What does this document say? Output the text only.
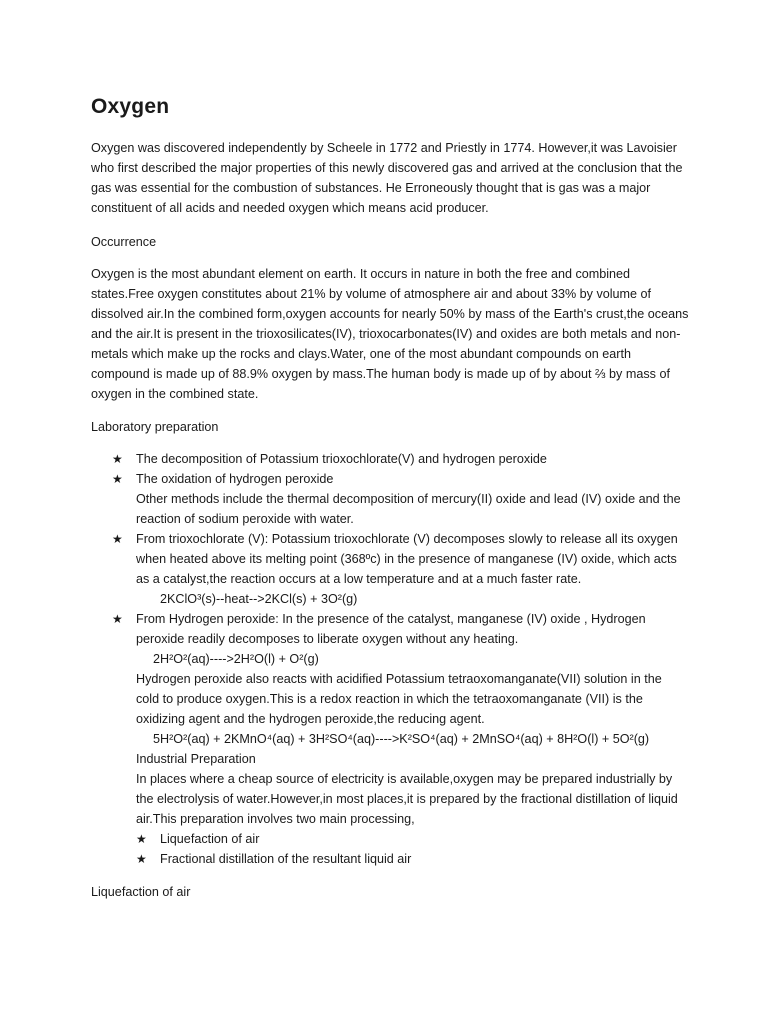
Oxygen

Oxygen was discovered independently by Scheele in 1772 and Priestly in 1774. However,it was Lavoisier who first described the major properties of this newly discovered gas and arrived at the conclusion that the gas was essential for the combustion of substances. He Erroneously thought that is gas was a major constituent of all acids and needed oxygen which means acid producer.

Occurrence

Oxygen is the most abundant element on earth. It occurs in nature in both the free and combined states.Free oxygen constitutes about 21% by volume of atmosphere air and about 33% by volume of dissolved air.In the combined form,oxygen accounts for nearly 50% by mass of the Earth's crust,the oceans and the air.It is present in the trioxosilicates(IV), trioxocarbonates(IV) and oxides are both metals and non-metals which make up the rocks and clays.Water, one of the most abundant compounds on earth compound is made up of 88.9% oxygen by mass.The human body is made up of by about ⅔ by mass of oxygen in the combined state.

Laboratory preparation

★ The decomposition of Potassium trioxochlorate(V) and hydrogen peroxide
★ The oxidation of hydrogen peroxide
Other methods include the thermal decomposition of mercury(II) oxide and lead (IV) oxide and the reaction of sodium peroxide with water.
★ From trioxochlorate (V): Potassium trioxochlorate (V) decomposes slowly to release all its oxygen when heated above its melting point (368ºc) in the presence of manganese (IV) oxide, which acts as a catalyst,the reaction occurs at a low temperature and at a much faster rate.
2KClO³(s)--heat-->2KCl(s) + 3O²(g)
★ From Hydrogen peroxide: In the presence of the catalyst, manganese (IV) oxide , Hydrogen peroxide readily decomposes to liberate oxygen without any heating.
2H²O²(aq)---->2H²O(l) + O²(g)
Hydrogen peroxide also reacts with acidified Potassium tetraoxomanganate(VII) solution in the cold to produce oxygen.This is a redox reaction in which the tetraoxomanganate (VII) is the oxidizing agent and the hydrogen peroxide,the reducing agent.
5H²O²(aq) + 2KMnO⁴(aq) + 3H²SO⁴(aq)---->K²SO⁴(aq) + 2MnSO⁴(aq) + 8H²O(l) + 5O²(g)
Industrial Preparation
In places where a cheap source of electricity is available,oxygen may be prepared industrially by the electrolysis of water.However,in most places,it is prepared by the fractional distillation of liquid air.This preparation involves two main processing,
★ Liquefaction of air
★ Fractional distillation of the resultant liquid air

Liquefaction of air
